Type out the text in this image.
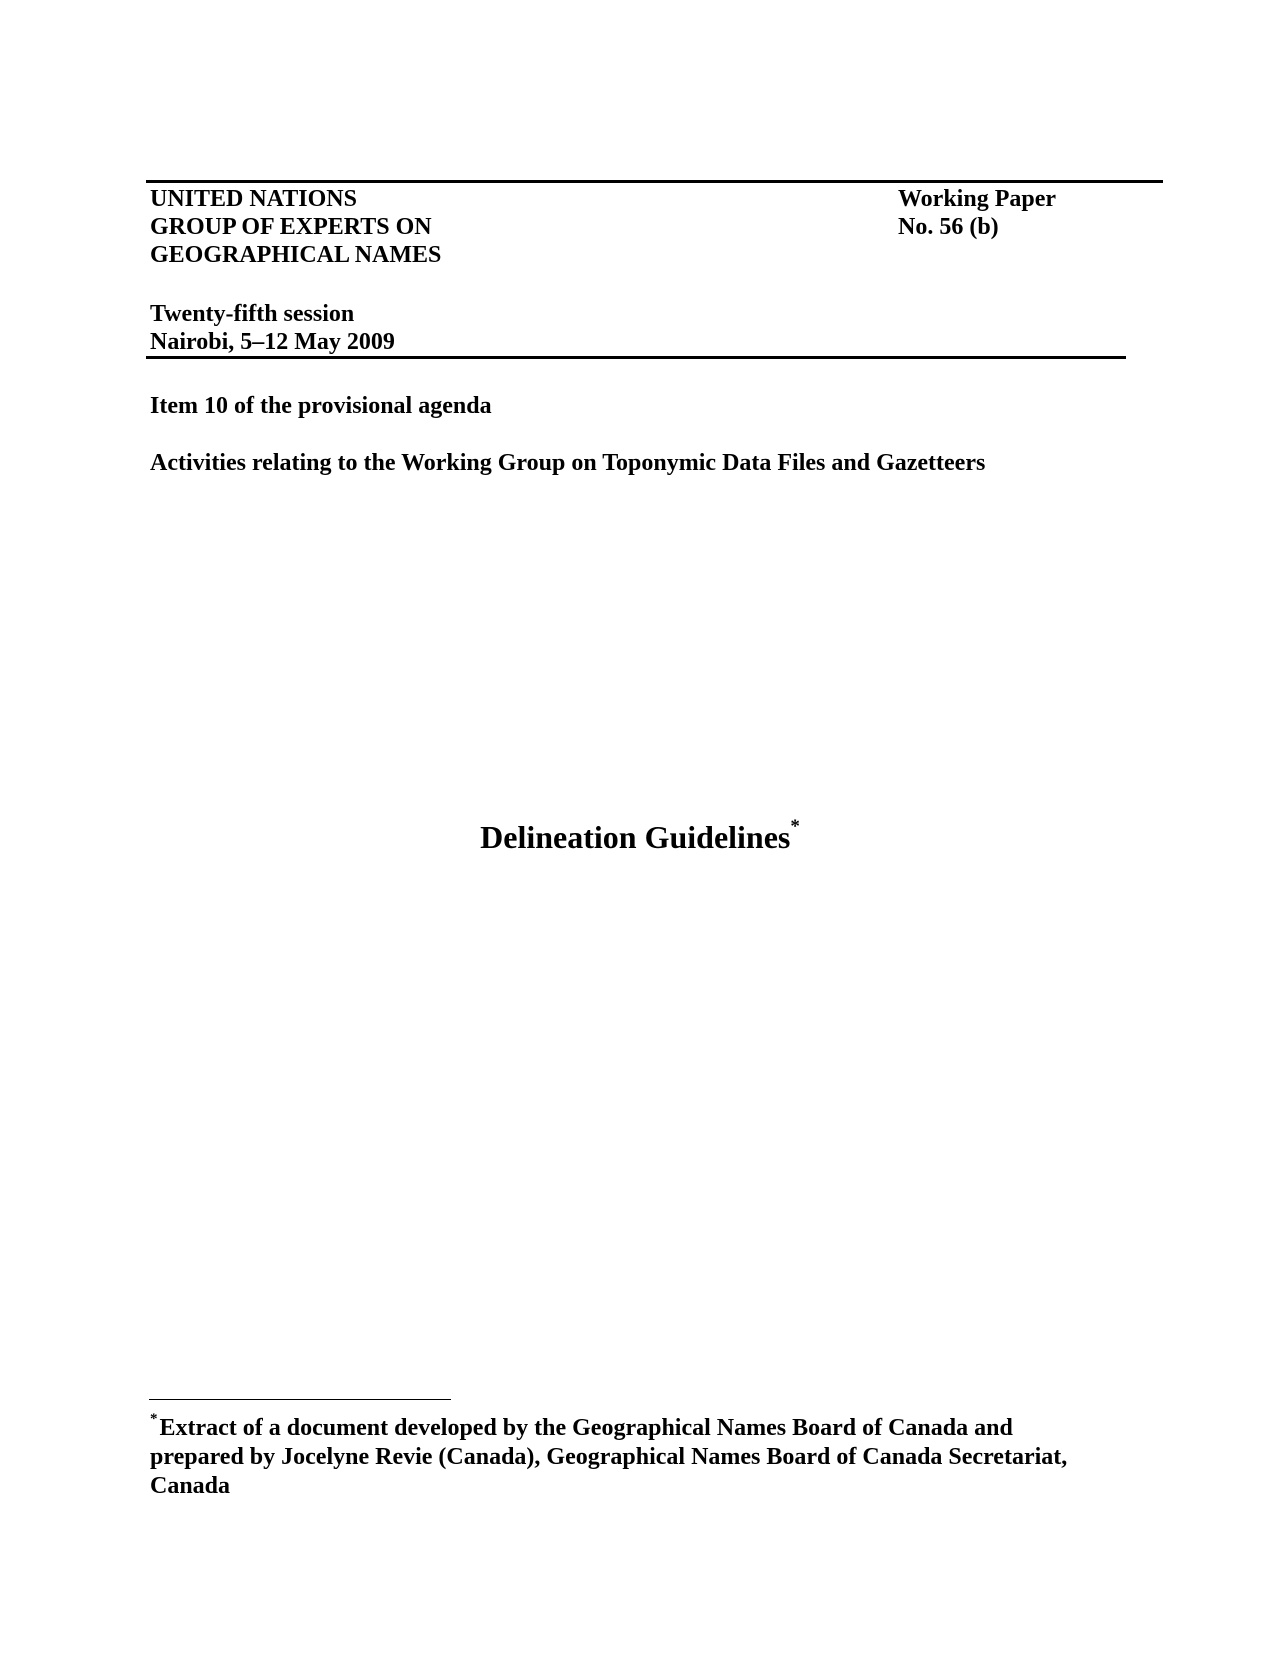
UNITED NATIONS
GROUP OF EXPERTS ON
GEOGRAPHICAL NAMES
Working Paper
No. 56 (b)
Twenty-fifth session
Nairobi, 5–12 May 2009
Item 10 of the provisional agenda
Activities relating to the Working Group on Toponymic Data Files and Gazetteers
Delineation Guidelines*
*Extract of a document developed by the Geographical Names Board of Canada and
prepared by Jocelyne Revie (Canada), Geographical Names Board of Canada Secretariat,
Canada
